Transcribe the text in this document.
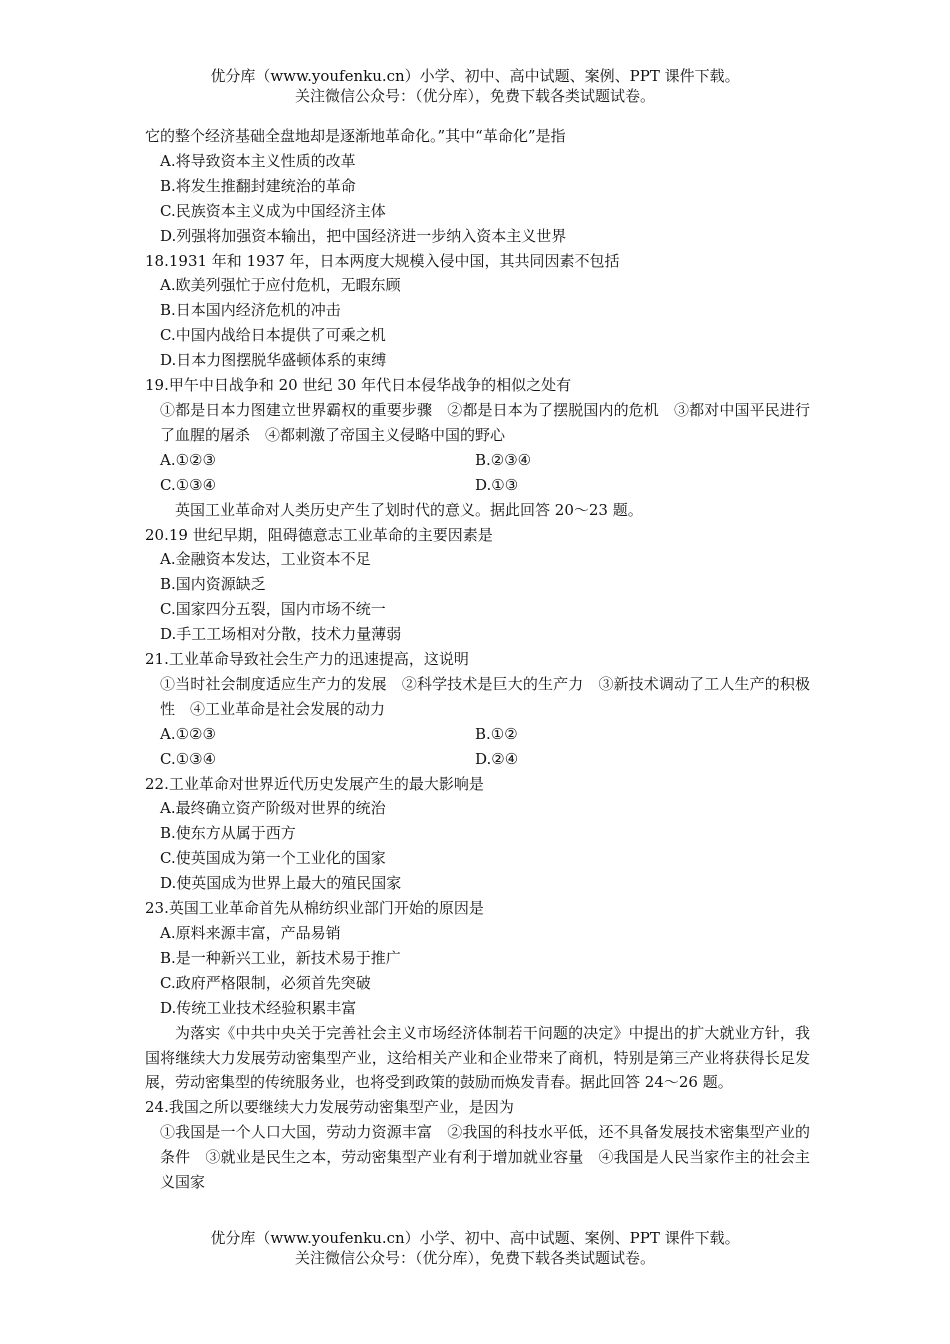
优分库（www.youfenku.cn）小学、初中、高中试题、案例、PPT 课件下载。
关注微信公众号：（优分库），免费下载各类试题试卷。
它的整个经济基础全盘地却是逐渐地革命化。”其中“革命化”是指
A.将导致资本主义性质的改革
B.将发生推翻封建统治的革命
C.民族资本主义成为中国经济主体
D.列强将加强资本输出，把中国经济进一步纳入资本主义世界
18.1931 年和 1937 年，日本两度大规模入侵中国，其共同因素不包括
A.欧美列强忙于应付危机，无暇东顾
B.日本国内经济危机的冲击
C.中国内战给日本提供了可乘之机
D.日本力图摆脱华盛顿体系的束缚
19.甲午中日战争和 20 世纪 30 年代日本侵华战争的相似之处有
①都是日本力图建立世界霸权的重要步骤　②都是日本为了摆脱国内的危机　③都对中国平民进行了血腥的屠杀　④都刺激了帝国主义侵略中国的野心
A.①②③	B.②③④
C.①③④	D.①③
英国工业革命对人类历史产生了划时代的意义。据此回答 20～23 题。
20.19 世纪早期，阻碍德意志工业革命的主要因素是
A.金融资本发达，工业资本不足
B.国内资源缺乏
C.国家四分五裂，国内市场不统一
D.手工工场相对分散，技术力量薄弱
21.工业革命导致社会生产力的迅速提高，这说明
①当时社会制度适应生产力的发展　②科学技术是巨大的生产力　③新技术调动了工人生产的积极性　④工业革命是社会发展的动力
A.①②③	B.①②
C.①③④	D.②④
22.工业革命对世界近代历史发展产生的最大影响是
A.最终确立资产阶级对世界的统治
B.使东方从属于西方
C.使英国成为第一个工业化的国家
D.使英国成为世界上最大的殖民国家
23.英国工业革命首先从棉纺织业部门开始的原因是
A.原料来源丰富，产品易销
B.是一种新兴工业，新技术易于推广
C.政府严格限制，必须首先突破
D.传统工业技术经验积累丰富
为落实《中共中央关于完善社会主义市场经济体制若干问题的决定》中提出的扩大就业方针，我国将继续大力发展劳动密集型产业，这给相关产业和企业带来了商机，特别是第三产业将获得长足发展，劳动密集型的传统服务业，也将受到政策的鼓励而焕发青春。据此回答 24～26 题。
24.我国之所以要继续大力发展劳动密集型产业，是因为
①我国是一个人口大国，劳动力资源丰富　②我国的科技水平低，还不具备发展技术密集型产业的条件　③就业是民生之本，劳动密集型产业有利于增加就业容量　④我国是人民当家作主的社会主义国家
优分库（www.youfenku.cn）小学、初中、高中试题、案例、PPT 课件下载。
关注微信公众号：（优分库），免费下载各类试题试卷。
